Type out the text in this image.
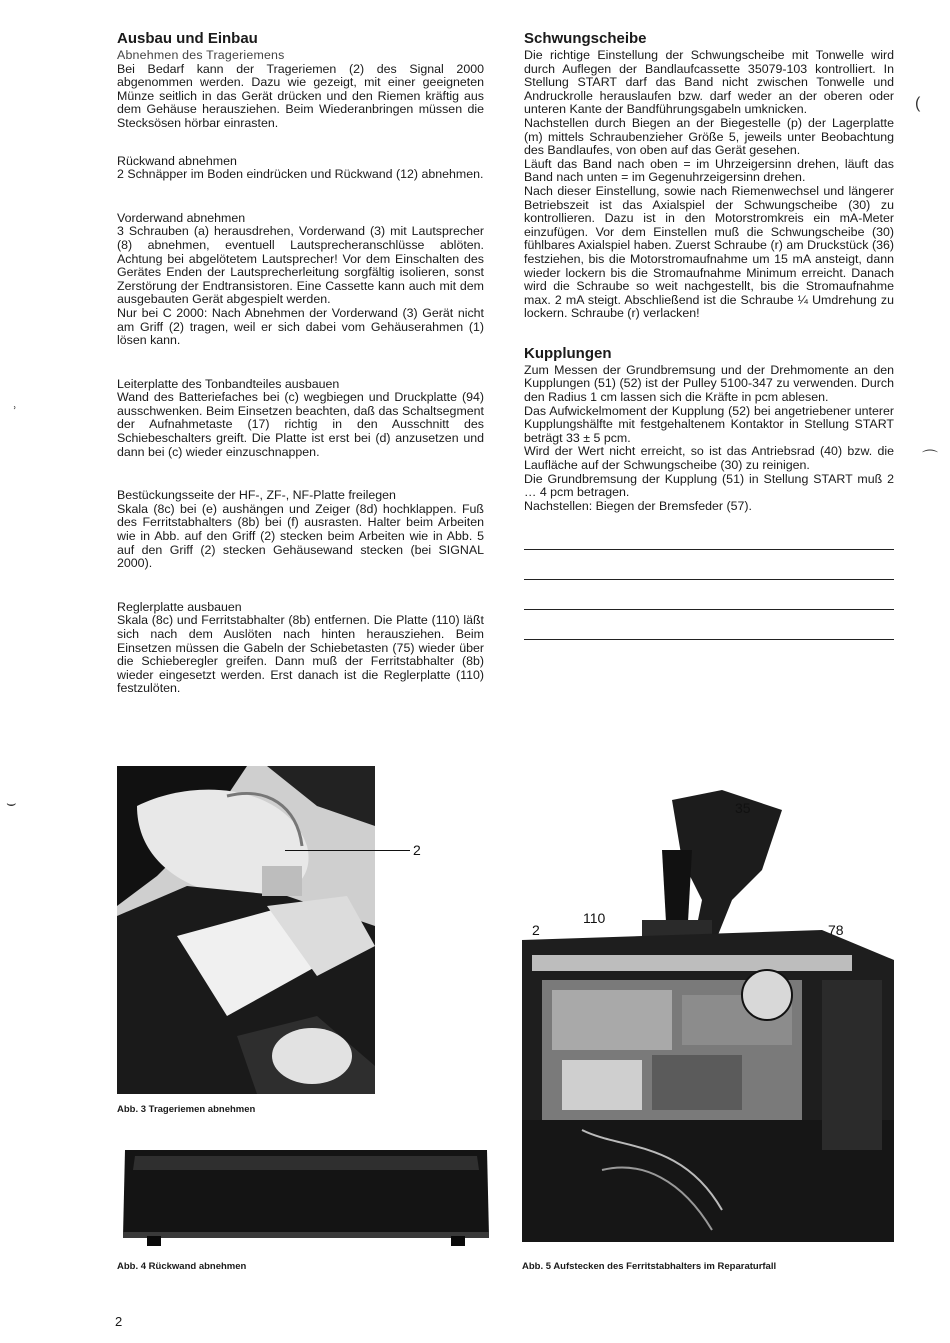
Ausbau und Einbau
Abnehmen des Trageriemens

Bei Bedarf kann der Trageriemen (2) des Signal 2000 abgenommen werden. Dazu wie gezeigt, mit einer geeigneten Münze seitlich in das Gerät drücken und den Riemen kräftig aus dem Gehäuse herausziehen. Beim Wiederanbringen müssen die Stecksösen hörbar einrasten.

Rückwand abnehmen

2 Schnäpper im Boden eindrücken und Rückwand (12) abnehmen.

Vorderwand abnehmen

3 Schrauben (a) herausdrehen, Vorderwand (3) mit Lautsprecher (8) abnehmen, eventuell Lautsprecheranschlüsse ablöten. Achtung bei abgelötetem Lautsprecher! Vor dem Einschalten des Gerätes Enden der Lautsprecherleitung sorgfältig isolieren, sonst Zerstörung der Endtransistoren. Eine Cassette kann auch mit dem ausgebauten Gerät abgespielt werden.

Nur bei C 2000: Nach Abnehmen der Vorderwand (3) Gerät nicht am Griff (2) tragen, weil er sich dabei vom Gehäuserahmen (1) lösen kann.

Leiterplatte des Tonbandteiles ausbauen

Wand des Batteriefaches bei (c) wegbiegen und Druckplatte (94) ausschwenken. Beim Einsetzen beachten, daß das Schaltsegment der Aufnahmetaste (17) richtig in den Ausschnitt des Schiebeschalters greift. Die Platte ist erst bei (d) anzusetzen und dann bei (c) wieder einzuschnappen.

Bestückungsseite der HF-, ZF-, NF-Platte freilegen

Skala (8c) bei (e) aushängen und Zeiger (8d) hochklappen. Fuß des Ferritstabhalters (8b) bei (f) ausrasten. Halter beim Arbeiten wie in Abb. auf den Griff (2) stecken beim Arbeiten wie in Abb. 5 auf den Griff (2) stecken Gehäusewand stecken (bei SIGNAL 2000).

Reglerplatte ausbauen

Skala (8c) und Ferritstabhalter (8b) entfernen. Die Platte (110) läßt sich nach dem Auslöten nach hinten herausziehen. Beim Einsetzen müssen die Gabeln der Schiebetasten (75) wieder über die Schieberegler greifen. Dann muß der Ferritstabhalter (8b) wieder eingesetzt werden. Erst danach ist die Reglerplatte (110) festzulöten.

Schwungscheibe

Die richtige Einstellung der Schwungscheibe mit Tonwelle wird durch Auflegen der Bandlaufcassette 35079-103 kontrolliert. In Stellung START darf das Band nicht zwischen Tonwelle und Andruckrolle herauslaufen bzw. darf weder an der oberen oder unteren Kante der Bandführungsgabeln umknicken.

Nachstellen durch Biegen an der Biegestelle (p) der Lagerplatte (m) mittels Schraubenzieher Größe 5, jeweils unter Beobachtung des Bandlaufes, von oben auf das Gerät gesehen.

Läuft das Band nach oben = im Uhrzeigersinn drehen, läuft das Band nach unten = im Gegenuhrzeigersinn drehen.

Nach dieser Einstellung, sowie nach Riemenwechsel und längerer Betriebszeit ist das Axialspiel der Schwungscheibe (30) zu kontrollieren. Dazu ist in den Motorstromkreis ein mA-Meter einzufügen. Vor dem Einstellen muß die Schwungscheibe (30) fühlbares Axialspiel haben. Zuerst Schraube (r) am Druckstück (36) festziehen, bis die Motorstromaufnahme um 15 mA ansteigt, dann wieder lockern bis die Stromaufnahme Minimum erreicht. Danach wird die Schraube so weit nachgestellt, bis die Stromaufnahme max. 2 mA steigt. Abschließend ist die Schraube ¼ Umdrehung zu lockern. Schraube (r) verlacken!

Kupplungen

Zum Messen der Grundbremsung und der Drehmomente an den Kupplungen (51) (52) ist der Pulley 5100-347 zu verwenden. Durch den Radius 1 cm lassen sich die Kräfte in pcm ablesen.

Das Aufwickelmoment der Kupplung (52) bei angetriebener unterer Kupplungshälfte mit festgehaltenem Kontaktor in Stellung START beträgt 33 ± 5 pcm.

Wird der Wert nicht erreicht, so ist das Antriebsrad (40) bzw. die Laufläche auf der Schwungscheibe (30) zu reinigen.

Die Grundbremsung der Kupplung (51) in Stellung START muß 2 … 4 pcm betragen.

Nachstellen: Biegen der Bremsfeder (57).

2
Abb. 3 Trageriemen abnehmen
Abb. 4 Rückwand abnehmen
35
110
2	78
Abb. 5 Aufstecken des Ferritstabhalters im Reparaturfall
2
ʾ
⌣
(
⌒
